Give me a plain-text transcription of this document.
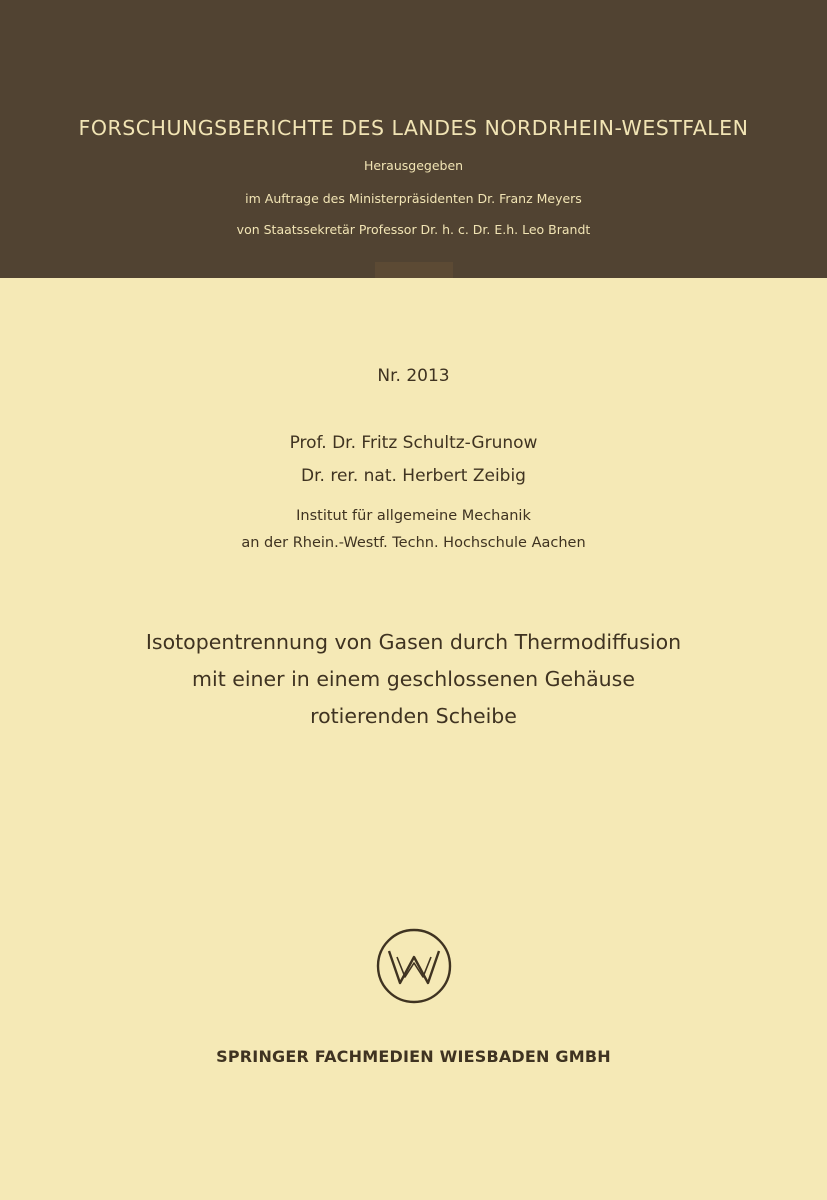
FORSCHUNGSBERICHTE DES LANDES NORDRHEIN-WESTFALEN
Herausgegeben
im Auftrage des Ministerpräsidenten Dr. Franz Meyers
von Staatssekretär Professor Dr. h. c. Dr. E.h. Leo Brandt
Nr. 2013
Prof. Dr. Fritz Schultz-Grunow
Dr. rer. nat. Herbert Zeibig
Institut für allgemeine Mechanik
an der Rhein.-Westf. Techn. Hochschule Aachen
Isotopentrennung von Gasen durch Thermodiffusion
mit einer in einem geschlossenen Gehäuse
rotierenden Scheibe
SPRINGER FACHMEDIEN WIESBADEN GMBH
